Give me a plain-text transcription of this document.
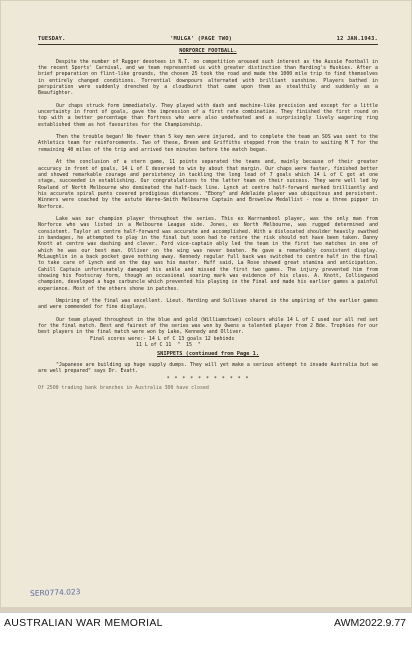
TUESDAY.	'MULGA' (PAGE TWO)	12 JAN.1943.
NORFORCE FOOTBALL.

Despite the number of Rugger devotees in N.T. no competition aroused such interest as the Aussie Football in the recent Sports' Carnival, and we team represented us with greater distinction than Harding's Huskies. After a brief preparation on flint-like grounds, the chosen 25 took the road and made the 1000 mile trip to find themselves in entirely changed conditions. Torrential downpours alternated with brilliant sunshine. Players bathed in perspiration were suddenly drenched by a cloudburst that came upon them as stealthily and suddenly as a Beaufighter.

Our chaps struck form immediately. They played with dash and machine-like precision and except for a little uncertainty in front of goals, gave the impression of a first rate combination. They finished the first round on top with a better percentage than Fortress who were also undefeated and a surprisingly lively wagering ring established them as hot favourites for the Championship.

Then the trouble began! No fewer than 5 key men were injured, and to complete the team an SOS was sent to the Athletics team for reinforcements. Two of these, Breen and Griffiths stepped from the train to waiting M T for the remaining 40 miles of the trip and arrived ten minutes before the match began.

At the conclusion of a stern game, 11 points separated the teams and, mainly because of their greater accuracy in front of goals, 14 L of C deserved to win by about that margin. Our chaps were faster, finished better and showed remarkable courage and persistency in tackling the long lead of 7 goals which 14 L of C got at one stage, succeeded in establishing. Our congratulations to the latter team on their success. They were well led by Rowland of North Melbourne who dominated the half-back line. Lynch at centre half-forward marked brilliantly and his accurate spiral punts covered prodigious distances. "Ebony" and Adelaide player was ubiquitous and persistent. Winners were coached by the astute Warne-Smith Melbourne Captain and Brownlow Medallist - now a three pipper in Norforce.

Lake was our champion player throughout the series. This ex Warrnambool player, was the only man from Norforce who was listed in a Melbourne League side. Jones, ex North Melbourne, was rugged determined and consistent. Taylor at centre half-forward was accurate and accomplished. With a dislocated shoulder heavily swathed in bandages, he attempted to play in the final but soon had to retire the risk should not have been taken. Danny Knott at centre was dashing and clever. Ford vice-captain ably led the team in the first two matches in one of which he was our best man. Olliver on the wing was never beaten. He gave a remarkably consistent display. McLaughlin in a back pocket gave nothing away. Kennedy regular full back was switched to centre half in the final to take care of Lynch and on the day was his master. Huff said, La Rose showed great stamina and anticipation. Cahill Captain unfortunately damaged his ankle and missed the first two games. The injury prevented him from showing his Footscray form, though an occasional soaring mark was evidence of his class. A. Knott, Collingwood champion, developed a huge carbuncle which prevented his playing in the Final and made his earlier games a painful experience. Most of the others shone in patches.

Umpiring of the final was excellent. Lieut. Harding and Sullivan shared in the umpiring of the earlier games and were commended for fine displays.

Our team played throughout in the blue and gold (Williamstown) colours while 14 L of C used our all red set for the final match. Best and fairest of the series was won by Owens a talented player from 2 Bde. Trophies for our best players in the final match were won by Lake, Kennedy and Olliver.

Final scores were:- 14 L of C 13 goals 12 behinds

11 L of C 11  "  15  "

SNIPPETS (continued from Page 1.

"Japanese are building up huge supply dumps. They will yet make a serious attempt to invade Australia but we are well prepared" says Dr. Evatt.

* * * * * * * * * * *
Of 2500 trading bank branches in Australia 300 have closed
SER0774.023
AUSTRALIAN WAR MEMORIAL	AWM2022.9.77
